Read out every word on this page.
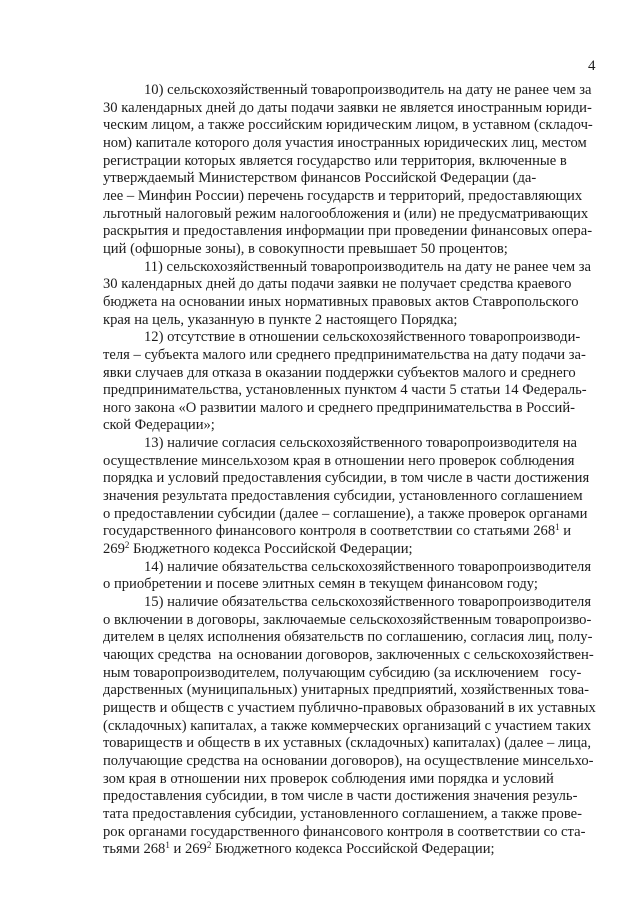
4
10) сельскохозяйственный товаропроизводитель на дату не ранее чем за
30 календарных дней до даты подачи заявки не является иностранным юриди-
ческим лицом, а также российским юридическим лицом, в уставном (складоч-
ном) капитале которого доля участия иностранных юридических лиц, местом
регистрации которых является государство или территория, включенные в
утверждаемый Министерством финансов Российской Федерации (да-
лее – Минфин России) перечень государств и территорий, предоставляющих
льготный налоговый режим налогообложения и (или) не предусматривающих
раскрытия и предоставления информации при проведении финансовых опера-
ций (офшорные зоны), в совокупности превышает 50 процентов;
11) сельскохозяйственный товаропроизводитель на дату не ранее чем за
30 календарных дней до даты подачи заявки не получает средства краевого
бюджета на основании иных нормативных правовых актов Ставропольского
края на цель, указанную в пункте 2 настоящего Порядка;
12) отсутствие в отношении сельскохозяйственного товаропроизводи-
теля – субъекта малого или среднего предпринимательства на дату подачи за-
явки случаев для отказа в оказании поддержки субъектов малого и среднего
предпринимательства, установленных пунктом 4 части 5 статьи 14 Федераль-
ного закона «О развитии малого и среднего предпринимательства в Россий-
ской Федерации»;
13) наличие согласия сельскохозяйственного товаропроизводителя на
осуществление минсельхозом края в отношении него проверок соблюдения
порядка и условий предоставления субсидии, в том числе в части достижения
значения результата предоставления субсидии, установленного соглашением
о предоставлении субсидии (далее – соглашение), а также проверок органами
государственного финансового контроля в соответствии со статьями $268^1$ и
$269^2$ Бюджетного кодекса Российской Федерации;
14) наличие обязательства сельскохозяйственного товаропроизводителя
о приобретении и посеве элитных семян в текущем финансовом году;
15) наличие обязательства сельскохозяйственного товаропроизводителя
о включении в договоры, заключаемые сельскохозяйственным товаропроизво-
дителем в целях исполнения обязательств по соглашению, согласия лиц, полу-
чающих средства  на основании договоров, заключенных с сельскохозяйствен-
ным товаропроизводителем, получающим субсидию (за исключением   госу-
дарственных (муниципальных) унитарных предприятий, хозяйственных това-
риществ и обществ с участием публично-правовых образований в их уставных
(складочных) капиталах, а также коммерческих организаций с участием таких
товариществ и обществ в их уставных (складочных) капиталах) (далее – лица,
получающие средства на основании договоров), на осуществление минсельхо-
зом края в отношении них проверок соблюдения ими порядка и условий
предоставления субсидии, в том числе в части достижения значения резуль-
тата предоставления субсидии, установленного соглашением, а также прове-
рок органами государственного финансового контроля в соответствии со ста-
тьями $268^1$ и $269^2$ Бюджетного кодекса Российской Федерации;
